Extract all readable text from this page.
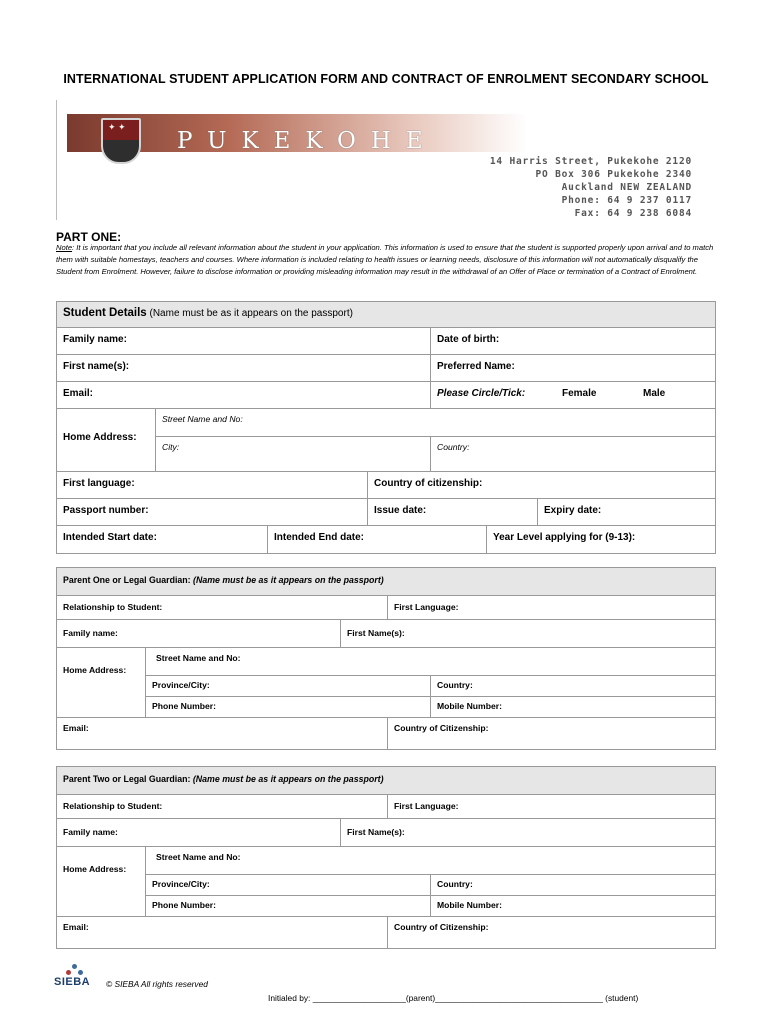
INTERNATIONAL STUDENT APPLICATION FORM AND CONTRACT OF ENROLMENT SECONDARY SCHOOL
✦ ✦
PUKEKOHE
HIGH SCHOOL	14 Harris Street, Pukekohe 2120
PO Box 306 Pukekohe 2340
Auckland NEW ZEALAND
Phone: 64 9 237 0117
Fax: 64 9 238 6084
PART ONE:
Note: It is important that you include all relevant information about the student in your application. This information is used to ensure that the student is supported properly upon arrival and to match them with suitable homestays, teachers and courses. Where information is included relating to health issues or learning needs, disclosure of this information will not automatically disqualify the Student from Enrolment. However, failure to disclose information or providing misleading information may result in the withdrawal of an Offer of Place or termination of a Contract of Enrolment.
Student Details (Name must be as it appears on the passport)
Family name:	Date of birth:
First name(s):	Preferred Name:
Email:	Please Circle/Tick:	Female	Male
Home Address:
Street Name and No:
City:	Country:
First language:	Country of citizenship:
Passport number:	Issue date:	Expiry date:
Intended Start date:	Intended End date:	Year Level applying for (9-13):
Parent One or Legal Guardian: (Name must be as it appears on the passport)
Relationship to Student:	First Language:
Family name:	First Name(s):
Home Address:
Street Name and No:
Province/City:	Country:
Phone Number:	Mobile Number:
Email:	Country of Citizenship:
Parent Two or Legal Guardian: (Name must be as it appears on the passport)
Relationship to Student:	First Language:
Family name:	First Name(s):
Home Address:
Street Name and No:
Province/City:	Country:
Phone Number:	Mobile Number:
Email:	Country of Citizenship:
SIEBA © SIEBA All rights reserved
Initialed by: ____________________(parent)____________________________________ (student)
